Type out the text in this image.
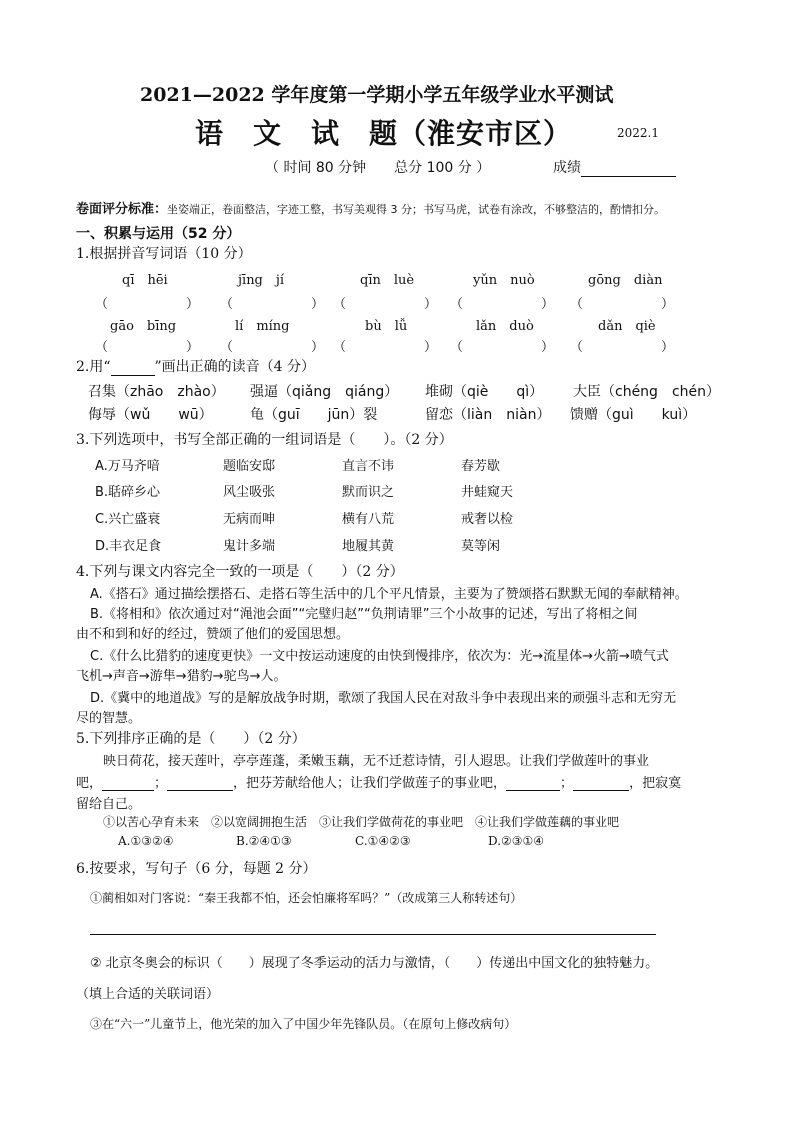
2021—2022 学年度第一学期小学五年级学业水平测试
语　文　试　题（淮安市区）	2022.1
（ 时间 80 分钟　　总分 100 分 ）	成绩
卷面评分标准：坐姿端正，卷面整洁，字迹工整，书写美观得 3 分；书写马虎，试卷有涂改，不够整洁的，酌情扣分。
一、积累与运用（52 分）
1.根据拼音写词语（10 分）
qī　hēi	jīng　jí	qīn　luè	yǔn　nuò	gōng　diàn
（　　　　　　） （　　　　　　） （　　　　　　） （　　　　　　） （　　　　　　）
gāo　bīng	lí　míng	bù　lǚ	lǎn　duò	dǎn　qiè
（　　　　　　） （　　　　　　） （　　　　　　） （　　　　　　） （　　　　　　）
2.用“	”画出正确的读音（4 分）
召集（zhāo　zhào） 强逼（qiǎng　qiáng） 堆砌（qiè　　qì） 大臣（chéng　chén）
侮辱（wǔ　　wū）	龟（guī　　jūn）裂	留恋（liàn　niàn） 馈赠（guì　　kuì）
3.下列选项中，书写全部正确的一组词语是（　　）。（2 分）
A.万马齐喑	题临安邸	直言不讳	春芳歇
B.聒碎乡心	风尘吸张	默而识之	井蛙窥天
C.兴亡盛衰	无病而呻	横有八荒	戒奢以检
D.丰衣足食	鬼计多端	地履其黄	莫等闲
4.下列与课文内容完全一致的一项是（　　）（2 分）
A.《搭石》通过描绘摆搭石、走搭石等生活中的几个平凡情景，主要为了赞颂搭石默默无闻的奉献精神。
B.《将相和》依次通过对“渑池会面”“完璧归赵”“负荆请罪”三个小故事的记述，写出了将相之间
由不和到和好的经过，赞颂了他们的爱国思想。
C.《什么比猎豹的速度更快》一文中按运动速度的由快到慢排序，依次为：光→流星体→火箭→喷气式
飞机→声音→游隼→猎豹→驼鸟→人。
D.《冀中的地道战》写的是解放战争时期，歌颂了我国人民在对敌斗争中表现出来的顽强斗志和无穷无
尽的智慧。
5.下列排序正确的是（　　）（2 分）
映日荷花，接天莲叶，亭亭莲蓬，柔嫩玉藕，无不迁惹诗情，引人遐思。让我们学做莲叶的事业
吧，	；	，把芬芳献给他人；让我们学做莲子的事业吧，	；	，把寂寞
留给自己。
①以苦心孕育未来　②以宽阔拥抱生活　③让我们学做荷花的事业吧　④让我们学做莲藕的事业吧
A.①③②④	B.②④①③	C.①④②③	D.②③①④
6.按要求，写句子（6 分，每题 2 分）
①蔺相如对门客说：“秦王我都不怕，还会怕廉将军吗？”（改成第三人称转述句）
② 北京冬奥会的标识（　　）展现了冬季运动的活力与激情，（　　）传递出中国文化的独特魅力。
（填上合适的关联词语）
③在“六一”儿童节上，他光荣的加入了中国少年先锋队员。（在原句上修改病句）
